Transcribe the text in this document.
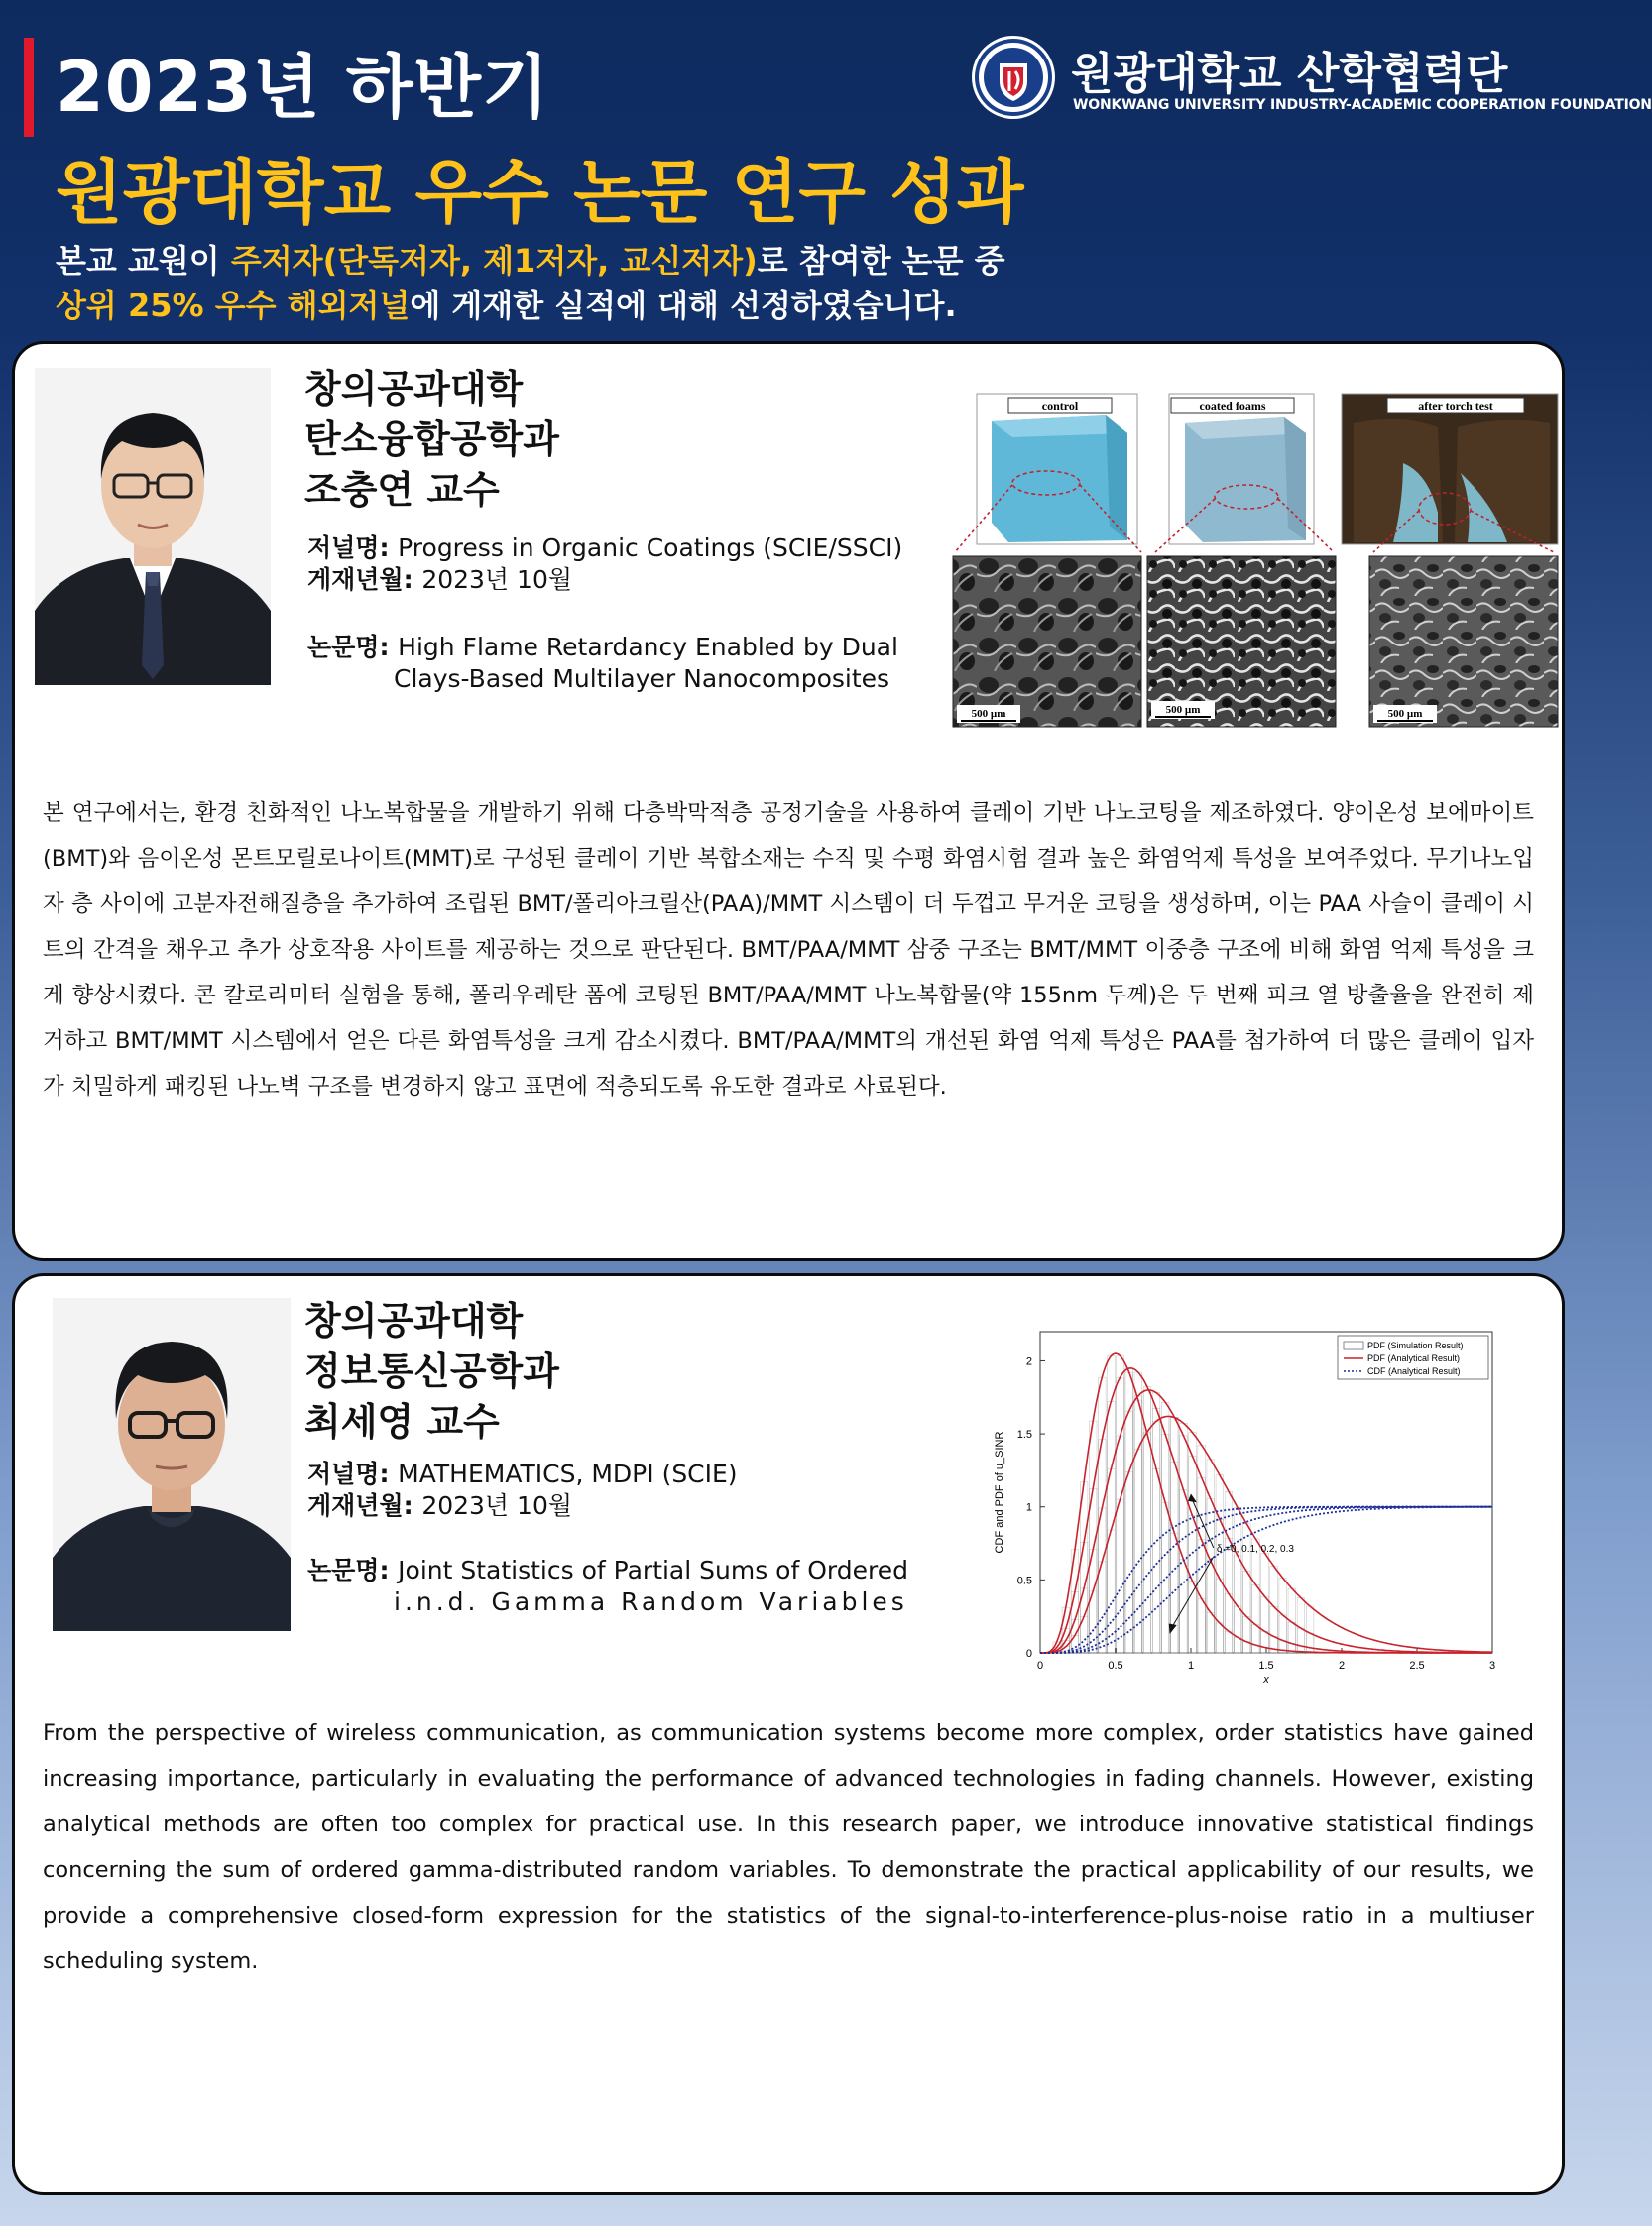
2023년 하반기
원광대학교 우수 논문 연구 성과
본교 교원이 주저자(단독저자, 제1저자, 교신저자)로 참여한 논문 중
상위 25% 우수 해외저널에 게재한 실적에 대해 선정하였습니다.
원광대학교 산학협력단
WONKWANG UNIVERSITY INDUSTRY-ACADEMIC COOPERATION FOUNDATION
창의공과대학
탄소융합공학과
조충연 교수
저널명: Progress in Organic Coatings (SCIE/SSCI)
게재년월: 2023년 10월
논문명: High Flame Retardancy Enabled by Dual
Clays-Based Multilayer Nanocomposites
control	coated foams	after torch test
500 µm	500 µm	500 µm
본 연구에서는, 환경 친화적인 나노복합물을 개발하기 위해 다층박막적층 공정기술을 사용하여 클레이 기반 나노코팅을 제조하였다. 양이온성 보에마이트(BMT)와 음이온성 몬트모릴로나이트(MMT)로 구성된 클레이 기반 복합소재는 수직 및 수평 화염시험 결과 높은 화염억제 특성을 보여주었다. 무기나노입자 층 사이에 고분자전해질층을 추가하여 조립된 BMT/폴리아크릴산(PAA)/MMT 시스템이 더 두껍고 무거운 코팅을 생성하며, 이는 PAA 사슬이 클레이 시트의 간격을 채우고 추가 상호작용 사이트를 제공하는 것으로 판단된다. BMT/PAA/MMT 삼중 구조는 BMT/MMT 이중층 구조에 비해 화염 억제 특성을 크게 향상시켰다. 콘 칼로리미터 실험을 통해, 폴리우레탄 폼에 코팅된 BMT/PAA/MMT 나노복합물(약 155nm 두께)은 두 번째 피크 열 방출율을 완전히 제거하고 BMT/MMT 시스템에서 얻은 다른 화염특성을 크게 감소시켰다. BMT/PAA/MMT의 개선된 화염 억제 특성은 PAA를 첨가하여 더 많은 클레이 입자가 치밀하게 패킹된 나노벽 구조를 변경하지 않고 표면에 적층되도록 유도한 결과로 사료된다.
창의공과대학
정보통신공학과
최세영 교수
저널명: MATHEMATICS, MDPI (SCIE)
게재년월: 2023년 10월
논문명: Joint Statistics of Partial Sums of Ordered
i.n.d. Gamma Random Variables
0	0.5	1	1.5	2	2.5	3
0
0.5
1
1.5
2
x
CDF and PDF of u_SINR	δ =0, 0.1, 0.2, 0.3
PDF (Simulation Result)
PDF (Analytical Result)
CDF (Analytical Result)
From the perspective of wireless communication, as communication systems become more complex, order statistics have gained increasing importance, particularly in evaluating the performance of advanced technologies in fading channels. However, existing analytical methods are often too complex for practical use. In this research paper, we introduce innovative statistical findings concerning the sum of ordered gamma-distributed random variables. To demonstrate the practical applicability of our results, we provide a comprehensive closed-form expression for the statistics of the signal-to-interference-plus-noise ratio in a multiuser scheduling system.
